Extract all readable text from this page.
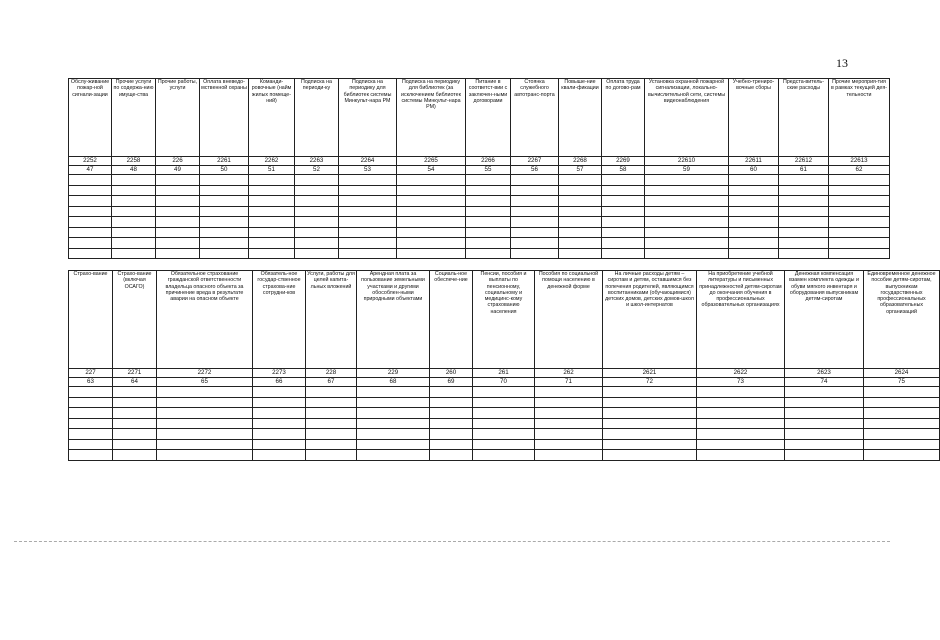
13
Обслу-живание пожар-ной сигнали-зации	Прочие услуги по содержа-нию имуще-ства	Прочие работы, услуги	Оплата вневедо-мственной охраны	Команди-ровочные (найм жилых помеще-ний)	Подписка на периоди-ку	Подписка на периодику для библиотек системы Минкульт-нара РМ	Подписка на периодику для библиотек (за исключением библиотек системы Минкульт-нара РМ)	Питание в соответст-вии с заключен-ными договорами	Стоянка служебного автотранс-порта	Повыше-ние квали-фикации	Оплата труда по догово-рам	Установка охранной пожарной сигнализации, локально-вычислительной сети, системы видеонаблюдения	Учебно-трениро-вочные сборы	Предста-витель-ские расходы	Прочие мероприя-тия в рамках текущей дея-тельности
2252	2258	226	2261	2262	2263	2264	2265	2266	2267	2268	2269	22610	22611	22612	22613
47	48	49	50	51	52	53	54	55	56	57	58	59	60	61	62

Страхо-вание	Страхо-вание (включая ОСАГО)	Обязательное страхование гражданской ответственности владельца опасного объекта за причинение вреда в результате аварии на опасном объекте	Обязатель-ное государ-ственное страхова-ние сотрудни-ков	Услуги, работы для целей капита-льных вложений	Арендная плата за пользование земельными участками и другими обособлен-ными природными объектами	Социаль-ное обеспече-ние	Пенсии, пособия и выплаты по пенсионному, социальному и медицинс-кому страхованию населения	Пособия по социальной помощи населению в денежной форме	На личные расходы детям – сиротам и детям, оставшимся без попечения родителей, являющимся воспитанниками (обучающимися) детских домов, детских домов-школ и школ-интернатов	На приобретение учебной литературы и письменных принадлежностей детям-сиротам до окончания обучения в профессиональных образовательных организациях	Денежная компенсация взамен комплекта одежды и обуви мягкого инвентаря и оборудования выпускникам детям-сиротам	Единовременное денежное пособие детям-сиротам, выпускникам государственных профессиональных образовательных организаций
227	2271	2272	2273	228	229	260	261	262	2621	2622	2623	2624
63	64	65	66	67	68	69	70	71	72	73	74	75
